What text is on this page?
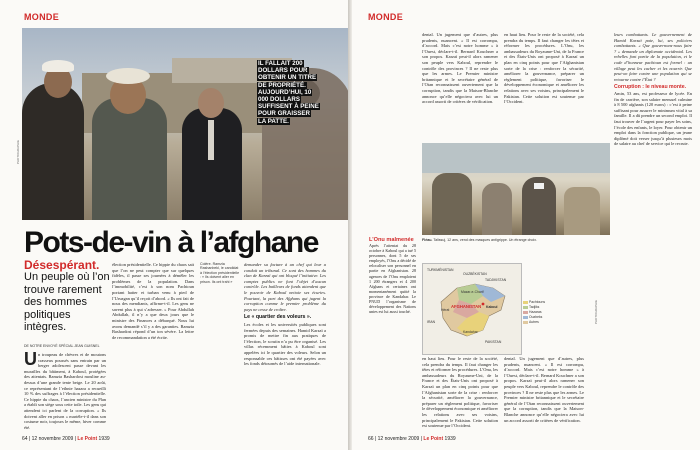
MONDE
PHOTOGRAPHIE
Pots-de-vin à l’afghane
Désespérant.
Un peuple où l’on trouve rarement des hommes politiques intègres.
DE NOTRE ENVOYÉ SPÉCIAL JEAN GUISNEL
Un troupeau de chèvres et de moutons crasseux poussés sans entrain par un berger adolescent passe devant les murailles du bâtiment, à Kaboul, protégées des attentats. Ramzia Bashardost mouline au-dessus d’une grande tente beige. Le 20 août, ce représentant de l’ethnie hazara a recueilli 10 % des suffrages à l’élection présidentielle. Ce hippie du chaos, l’ancien ministre du Plan a établi son siège sous cette toile. Les gens qui attendent ici parlent de la corruption. « Ils doivent aller en prison » martèle-t-il dans son costume noir, toujours le même, hiver comme été.

élection présidentielle. Ce hippie du chaos sait que l’on ne peut compter que sur quelques fidèles, il passe ses journées à démêler les problèmes de la population. Dans l’immobilité, c’est à son nom Pachtoun portant hatter et turban venu à pied de l’Uruzgan qu’il reçoit d’abord. « Ils ont fait de nous des mendiants, affirme-t-il. Les gens ne savent plus à qui s’adresser. » Pour Abdullah Abdullah, il n’y a que deux jours que le ministre des Finances a débarqué. Nous lui avons demandé s’il y a des garanties. Ramzia Bashardost répond d’un ton sévère. La lettre de recommandation a été écrite.

Colère. Ramzia Rashanbekl, le candidat à l’élection présidentielle : « Ils doivent aller en prison. Ils ont trahi »

demander sa facture à un chef qui leur a conduit un tribunal. Ce sont des hommes du clan de Karzaï qui ont bloqué l’initiative. Les comptes publics ne font l’objet d’aucun contrôle. Les bailleurs de fonds attendent que le pouvoir de Kaboul nettoie ses écuries. Pourtant, la part des Afghans qui jugent la corruption comme le premier problème du pays ne cesse de croître.

Le « quartier des voleurs ».

Les écoles et les universités publiques sont fermées depuis des semaines. Hamid Karzaï a promis de mettre fin aux pratiques de l’élection, le scrutin n’a pu être organisé. Les villas récemment bâties à Kaboul sont appelées ici le quartier des voleurs. Selon un responsable ces bâtisses ont été payées avec les fonds détournés de l’aide internationale.

64 | 12 novembre 2009 | Le Point 1939
MONDE
IL FALLAIT 200 DOLLARS POUR OBTENIR UN TITRE DE PROPRIÉTÉ. AUJOURD’HUI, 10 000 DOLLARS SUFFISENT À PEINE POUR GRAISSER LA PATTE.

dental. Un jugement que d’autres, plus prudents, nuancent. « Il est corrompu, d’accord. Mais c’est notre homme » à l’Ouest, déclare-t-il. Bernard Kouchner a son propos. Karzaï peut-il alors ramener son peuple vers Kaboul, reprendre le contrôle des provinces ? Il ne reste plus que les armes. Le Premier ministre britannique et le secrétaire général de l’Otan reconnaissent ouvertement que la corruption, tandis que la Maison-Blanche annonce qu’elle négociera avec lui un accord assorti de critères de vérification.

en haut lieu. Pour le reste de la société, cela prendra du temps. Il faut changer les têtes et réformer les procédures. L’Onu, les ambassadeurs du Royaume-Uni, de la France et des États-Unis ont proposé à Karzaï un plan en cinq points pour que l’Afghanistan sorte de la crise : renforcer la sécurité, améliorer la gouvernance, préparer un règlement politique, favoriser le développement économique et améliorer les relations avec ses voisins, principalement le Pakistan. Cette solution est soutenue par l’Occident.

leurs combattants. Le gouvernement de Hamid Karzaï paie, lui, ses policiers combattants. « Que gouvernons-nous faire ? » demande un diplomate occidental. Les rebelles font partie de la population, et le code d’honneur pachtoun est formel : un village peut les cacher et les nourrir. Que peut-on faire contre une population qui se retourne contre l’État ?

Corruption : le niveau monte.

Amin, 53 ans, est professeur de lycée. En fin de carrière, son salaire mensuel culmine à 8 500 afghanis (120 euros) : c’est à peine suffisant pour assurer le minimum vital à sa famille. Il a dû prendre un second emploi. Il faut trouver de l’argent pour payer les soins, l’école des enfants, le loyer. Pour obtenir un emploi dans la fonction publique, un jeune diplômé doit verser jusqu’à plusieurs mois de salaire au chef de service qui le recrute.

Fléau. Talissuj, 12 ans, vend des masques antigrippe. Un étrange choix.
L’Onu malmenée
Après l’attentat du 28 octobre à Kaboul qui a tué 5 personnes, dont 5 de ses employés, l’Onu a décidé de relocaliser son personnel en partie en Afghanistan. 28 agences de l’Onu emploient 1 200 étrangers et 4 200 Afghans et certaines ont momentanément quitté la province de Kandahar. Le PNUD l’organisme de développement des Nations unies est lui aussi touché.
TURKMÉNISTAN
OUZBÉKISTAN
TADJIKISTAN
IRAN
PAKISTAN
Kaboul
Kandahar
Hérat
Mazar-e-Charif
AFGHANISTAN
Pachtouns
Tadjiks
Hazaras
Ouzbeks
Autres

en haut lieu. Pour le reste de la société, cela prendra du temps. Il faut changer les têtes et réformer les procédures. L’Onu, les ambassadeurs du Royaume-Uni, de la France et des États-Unis ont proposé à Karzaï un plan en cinq points pour que l’Afghanistan sorte de la crise : renforcer la sécurité, améliorer la gouvernance, préparer un règlement politique, favoriser le développement économique et améliorer les relations avec ses voisins, principalement le Pakistan. Cette solution est soutenue par l’Occident.

dental. Un jugement que d’autres, plus prudents, nuancent. « Il est corrompu, d’accord. Mais c’est notre homme » à l’Ouest, déclare-t-il. Bernard Kouchner a son propos. Karzaï peut-il alors ramener son peuple vers Kaboul, reprendre le contrôle des provinces ? Il ne reste plus que les armes. Le Premier ministre britannique et le secrétaire général de l’Otan reconnaissent ouvertement que la corruption, tandis que la Maison-Blanche annonce qu’elle négociera avec lui un accord assorti de critères de vérification.

PHOTOGRAPHIE
66 | 12 novembre 2009 | Le Point 1939
